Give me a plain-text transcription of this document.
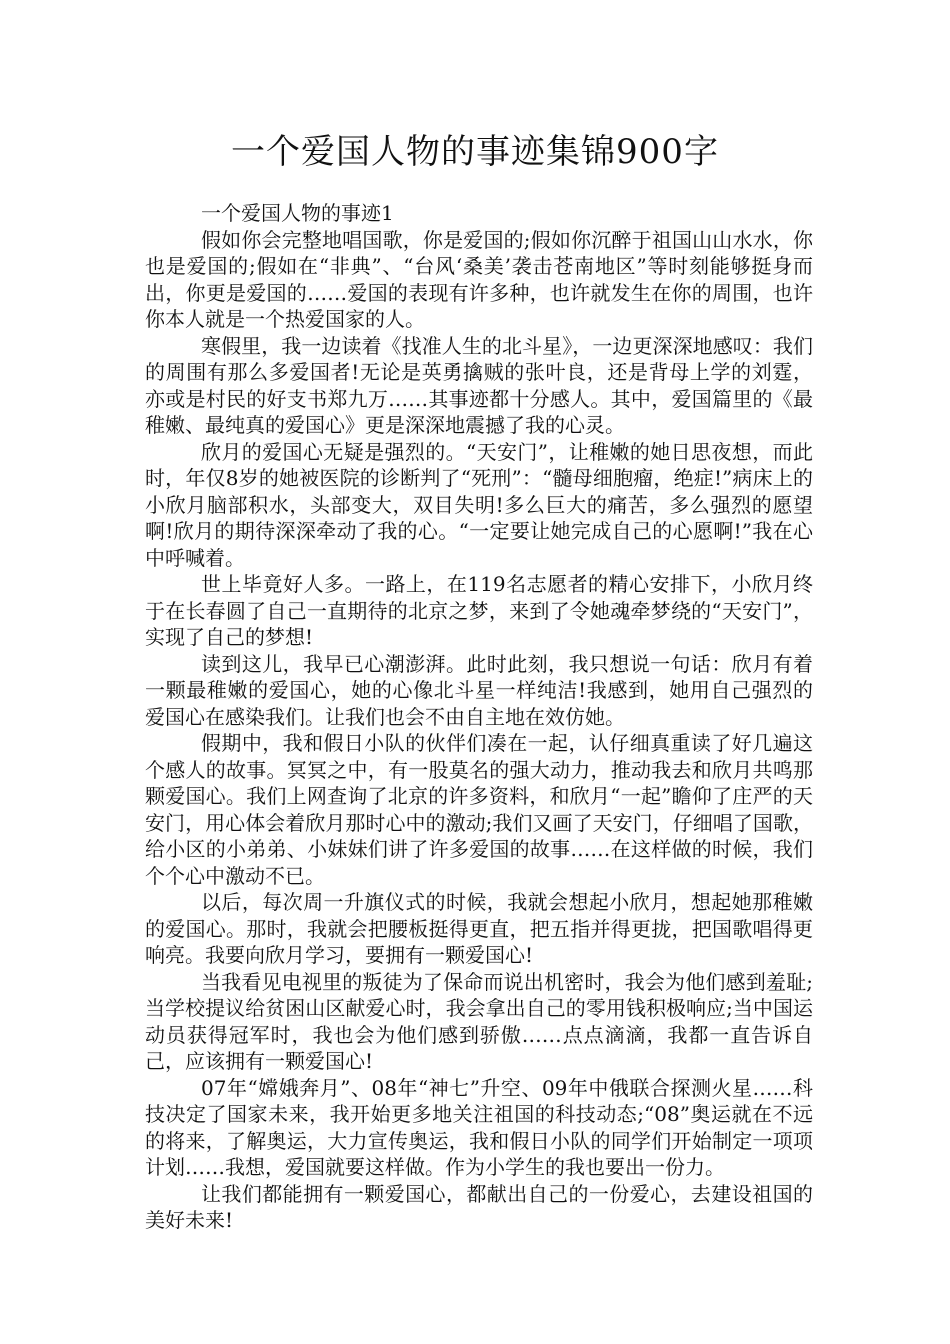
一个爱国人物的事迹集锦900字

一个爱国人物的事迹1

假如你会完整地唱国歌，你是爱国的;假如你沉醉于祖国山山水水，你也是爱国的;假如在“非典”、“台风‘桑美’袭击苍南地区”等时刻能够挺身而出，你更是爱国的……爱国的表现有许多种，也许就发生在你的周围，也许你本人就是一个热爱国家的人。

寒假里，我一边读着《找准人生的北斗星》，一边更深深地感叹：我们的周围有那么多爱国者!无论是英勇擒贼的张叶良，还是背母上学的刘霆，亦或是村民的好支书郑九万……其事迹都十分感人。其中，爱国篇里的《最稚嫩、最纯真的爱国心》更是深深地震撼了我的心灵。

欣月的爱国心无疑是强烈的。“天安门”，让稚嫩的她日思夜想，而此时，年仅8岁的她被医院的诊断判了“死刑”：“髓母细胞瘤，绝症!”病床上的小欣月脑部积水，头部变大，双目失明!多么巨大的痛苦，多么强烈的愿望啊!欣月的期待深深牵动了我的心。“一定要让她完成自己的心愿啊!”我在心中呼喊着。

世上毕竟好人多。一路上，在119名志愿者的精心安排下，小欣月终于在长春圆了自己一直期待的北京之梦，来到了令她魂牵梦绕的“天安门”，实现了自己的梦想!

读到这儿，我早已心潮澎湃。此时此刻，我只想说一句话：欣月有着一颗最稚嫩的爱国心，她的心像北斗星一样纯洁!我感到，她用自己强烈的爱国心在感染我们。让我们也会不由自主地在效仿她。

假期中，我和假日小队的伙伴们凑在一起，认仔细真重读了好几遍这个感人的故事。冥冥之中，有一股莫名的强大动力，推动我去和欣月共鸣那颗爱国心。我们上网查询了北京的许多资料，和欣月“一起”瞻仰了庄严的天安门，用心体会着欣月那时心中的激动;我们又画了天安门，仔细唱了国歌，给小区的小弟弟、小妹妹们讲了许多爱国的故事……在这样做的时候，我们个个心中激动不已。

以后，每次周一升旗仪式的时候，我就会想起小欣月，想起她那稚嫩的爱国心。那时，我就会把腰板挺得更直，把五指并得更拢，把国歌唱得更响亮。我要向欣月学习，要拥有一颗爱国心!

当我看见电视里的叛徒为了保命而说出机密时，我会为他们感到羞耻;当学校提议给贫困山区献爱心时，我会拿出自己的零用钱积极响应;当中国运动员获得冠军时，我也会为他们感到骄傲……点点滴滴，我都一直告诉自己，应该拥有一颗爱国心!

07年“嫦娥奔月”、08年“神七”升空、09年中俄联合探测火星……科技决定了国家未来，我开始更多地关注祖国的科技动态;“08”奥运就在不远的将来，了解奥运，大力宣传奥运，我和假日小队的同学们开始制定一项项计划……我想，爱国就要这样做。作为小学生的我也要出一份力。

让我们都能拥有一颗爱国心，都献出自己的一份爱心，去建设祖国的美好未来!
